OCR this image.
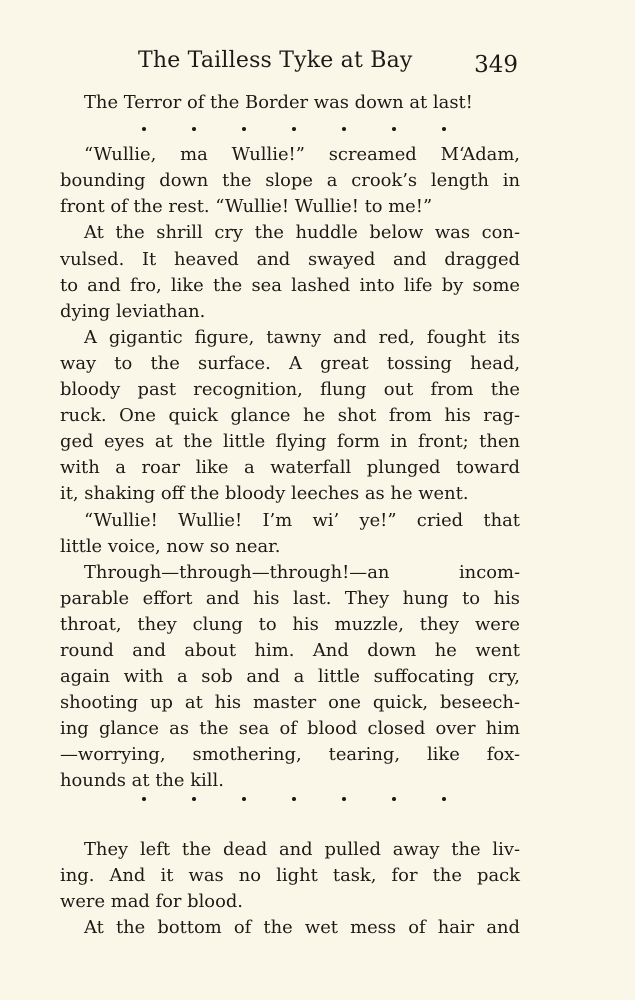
The Tailless Tyke at Bay	349
The Terror of the Border was down at last!
“Wullie, ma Wullie!” screamed M‘Adam,
bounding down the slope a crook’s length in
front of the rest. “Wullie! Wullie! to me!”
At the shrill cry the huddle below was con-
vulsed. It heaved and swayed and dragged
to and fro, like the sea lashed into life by some
dying leviathan.
A gigantic figure, tawny and red, fought its
way to the surface. A great tossing head,
bloody past recognition, flung out from the
ruck. One quick glance he shot from his rag-
ged eyes at the little flying form in front; then
with a roar like a waterfall plunged toward
it, shaking off the bloody leeches as he went.
“Wullie! Wullie! I’m wi’ ye!” cried that
little voice, now so near.
Through—through—through!—an incom-
parable effort and his last. They hung to his
throat, they clung to his muzzle, they were
round and about him. And down he went
again with a sob and a little suffocating cry,
shooting up at his master one quick, beseech-
ing glance as the sea of blood closed over him
—worrying, smothering, tearing, like fox-
hounds at the kill.
They left the dead and pulled away the liv-
ing. And it was no light task, for the pack
were mad for blood.
At the bottom of the wet mess of hair and
